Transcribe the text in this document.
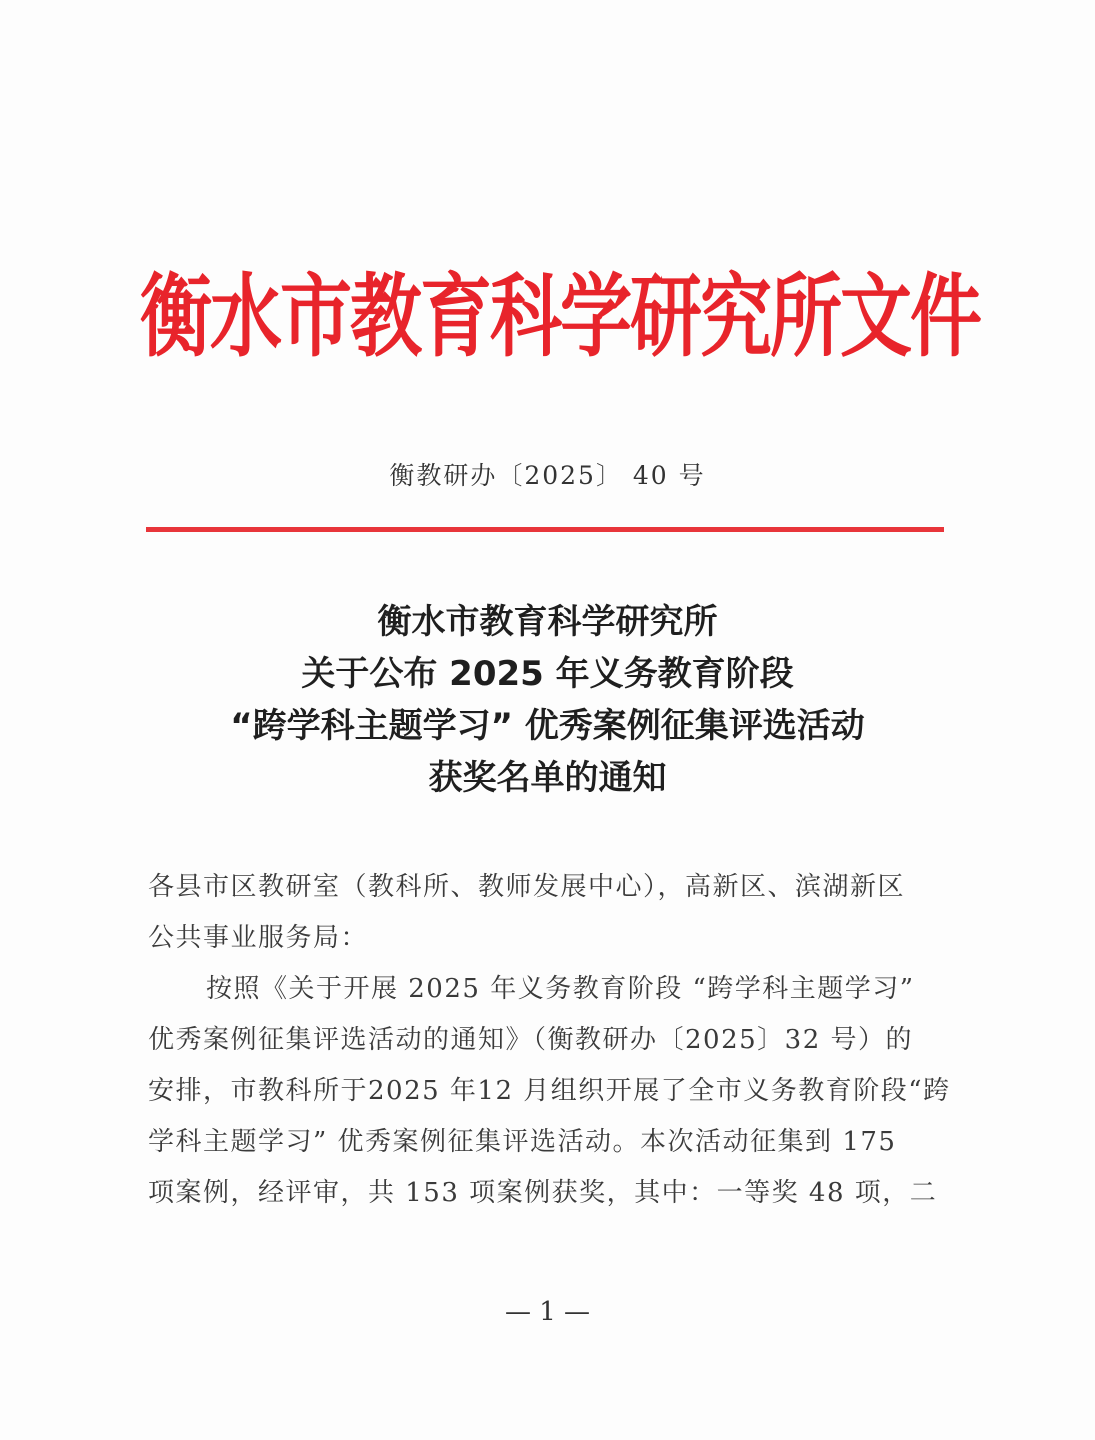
衡水市教育科学研究所文件
衡教研办〔2025〕 40 号
衡水市教育科学研究所
关于公布 2025 年义务教育阶段
“跨学科主题学习” 优秀案例征集评选活动
获奖名单的通知
各县市区教研室（教科所、教师发展中心），高新区、滨湖新区
公共事业服务局：
按照《关于开展 2025 年义务教育阶段 “跨学科主题学习”
优秀案例征集评选活动的通知》（衡教研办〔2025〕32 号）的
安排，市教科所于2025 年12 月组织开展了全市义务教育阶段“跨
学科主题学习” 优秀案例征集评选活动。本次活动征集到 175
项案例，经评审，共 153 项案例获奖，其中：一等奖 48 项，二
— 1 —
